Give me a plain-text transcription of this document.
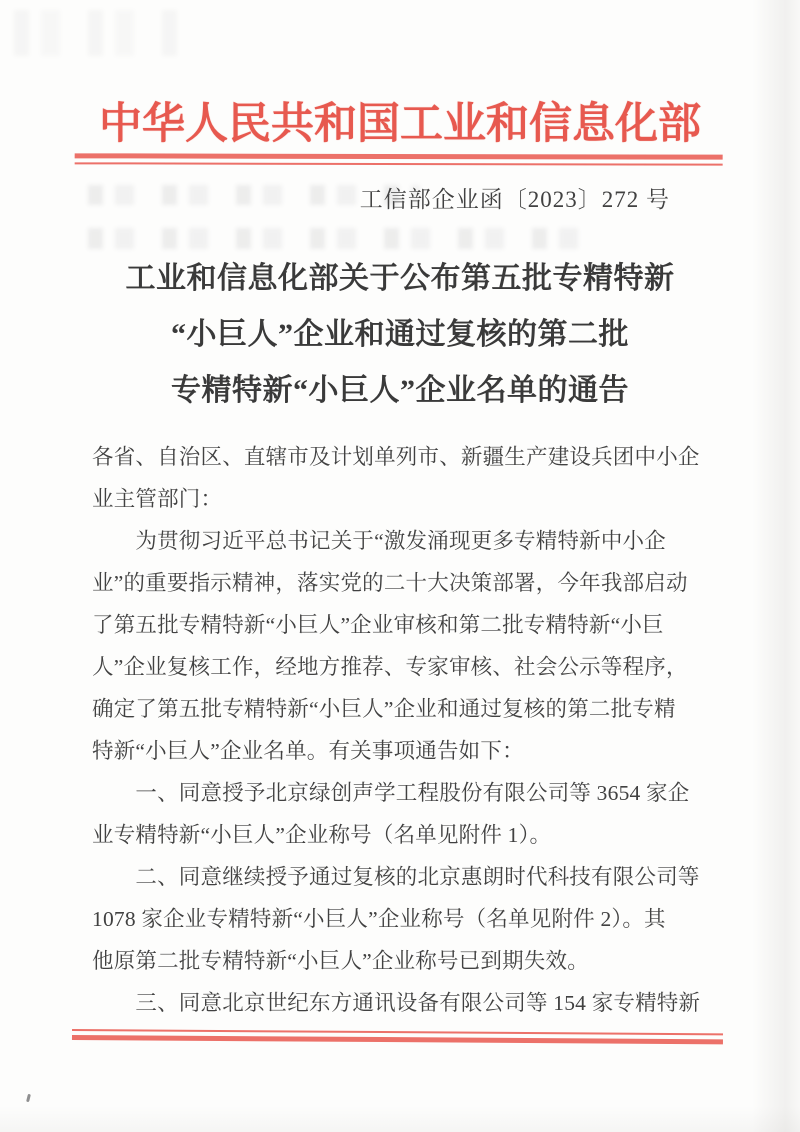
中华人民共和国工业和信息化部
工信部企业函〔2023〕272 号
工业和信息化部关于公布第五批专精特新
“小巨人”企业和通过复核的第二批
专精特新“小巨人”企业名单的通告
各省、自治区、直辖市及计划单列市、新疆生产建设兵团中小企
业主管部门：
　　为贯彻习近平总书记关于“激发涌现更多专精特新中小企
业”的重要指示精神，落实党的二十大决策部署，今年我部启动
了第五批专精特新“小巨人”企业审核和第二批专精特新“小巨
人”企业复核工作，经地方推荐、专家审核、社会公示等程序，
确定了第五批专精特新“小巨人”企业和通过复核的第二批专精
特新“小巨人”企业名单。有关事项通告如下：
　　一、同意授予北京绿创声学工程股份有限公司等 3654 家企
业专精特新“小巨人”企业称号（名单见附件 1）。
　　二、同意继续授予通过复核的北京惠朗时代科技有限公司等
1078 家企业专精特新“小巨人”企业称号（名单见附件 2）。其
他原第二批专精特新“小巨人”企业称号已到期失效。
　　三、同意北京世纪东方通讯设备有限公司等 154 家专精特新
